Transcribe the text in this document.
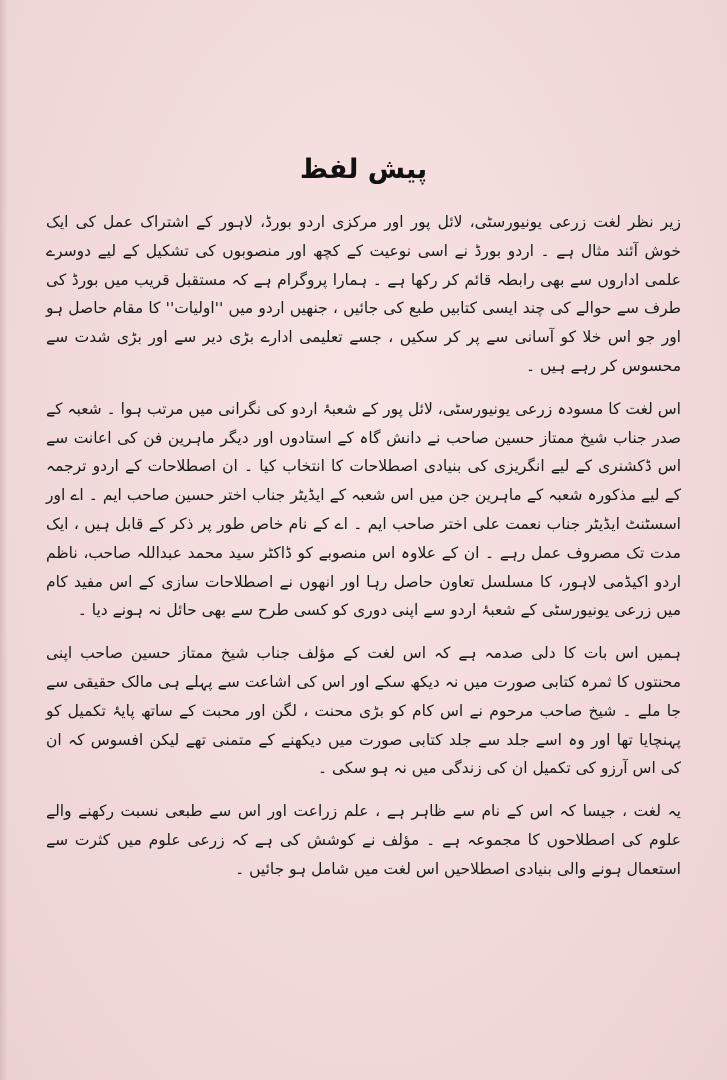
پیش لفظ

زیر نظر لغت زرعی یونیورسٹی، لائل پور اور مرکزی اردو بورڈ، لاہور کے اشتراک عمل کی ایک خوش آئند مثال ہے ۔ اردو بورڈ نے اسی نوعیت کے کچھ اور منصوبوں کی تشکیل کے لیے دوسرے علمی اداروں سے بھی رابطہ قائم کر رکھا ہے ۔ ہمارا پروگرام ہے کہ مستقبل قریب میں بورڈ کی طرف سے حوالے کی چند ایسی کتابیں طبع کی جائیں ، جنھیں اردو میں ''اولیات'' کا مقام حاصل ہو اور جو اس خلا کو آسانی سے پر کر سکیں ، جسے تعلیمی ادارے بڑی دیر سے اور بڑی شدت سے محسوس کر رہے ہیں ۔

اس لغت کا مسودہ زرعی یونیورسٹی، لائل پور کے شعبۂ اردو کی نگرانی میں مرتب ہوا ۔ شعبہ کے صدر جناب شیخ ممتاز حسین صاحب نے دانش گاہ کے استادوں اور دیگر ماہرین فن کی اعانت سے اس ڈکشنری کے لیے انگریزی کی بنیادی اصطلاحات کا انتخاب کیا ۔ ان اصطلاحات کے اردو ترجمہ کے لیے مذکورہ شعبہ کے ماہرین جن میں اس شعبہ کے ایڈیٹر جناب اختر حسین صاحب ایم ۔ اے اور اسسٹنٹ ایڈیٹر جناب نعمت علی اختر صاحب ایم ۔ اے کے نام خاص طور پر ذکر کے قابل ہیں ، ایک مدت تک مصروف عمل رہے ۔ ان کے علاوہ اس منصوبے کو ڈاکٹر سید محمد عبداللہ صاحب، ناظم اردو اکیڈمی لاہور، کا مسلسل تعاون حاصل رہا اور انھوں نے اصطلاحات سازی کے اس مفید کام میں زرعی یونیورسٹی کے شعبۂ اردو سے اپنی دوری کو کسی طرح سے بھی حائل نہ ہونے دیا ۔

ہمیں اس بات کا دلی صدمہ ہے کہ اس لغت کے مؤلف جناب شیخ ممتاز حسین صاحب اپنی محنتوں کا ثمرہ کتابی صورت میں نہ دیکھ سکے اور اس کی اشاعت سے پہلے ہی مالک حقیقی سے جا ملے ۔ شیخ صاحب مرحوم نے اس کام کو بڑی محنت ، لگن اور محبت کے ساتھ پایۂ تکمیل کو پہنچایا تھا اور وہ اسے جلد سے جلد کتابی صورت میں دیکھنے کے متمنی تھے لیکن افسوس کہ ان کی اس آرزو کی تکمیل ان کی زندگی میں نہ ہو سکی ۔

یہ لغت ، جیسا کہ اس کے نام سے ظاہر ہے ، علم زراعت اور اس سے طبعی نسبت رکھنے والے علوم کی اصطلاحوں کا مجموعہ ہے ۔ مؤلف نے کوشش کی ہے کہ زرعی علوم میں کثرت سے استعمال ہونے والی بنیادی اصطلاحیں اس لغت میں شامل ہو جائیں ۔
